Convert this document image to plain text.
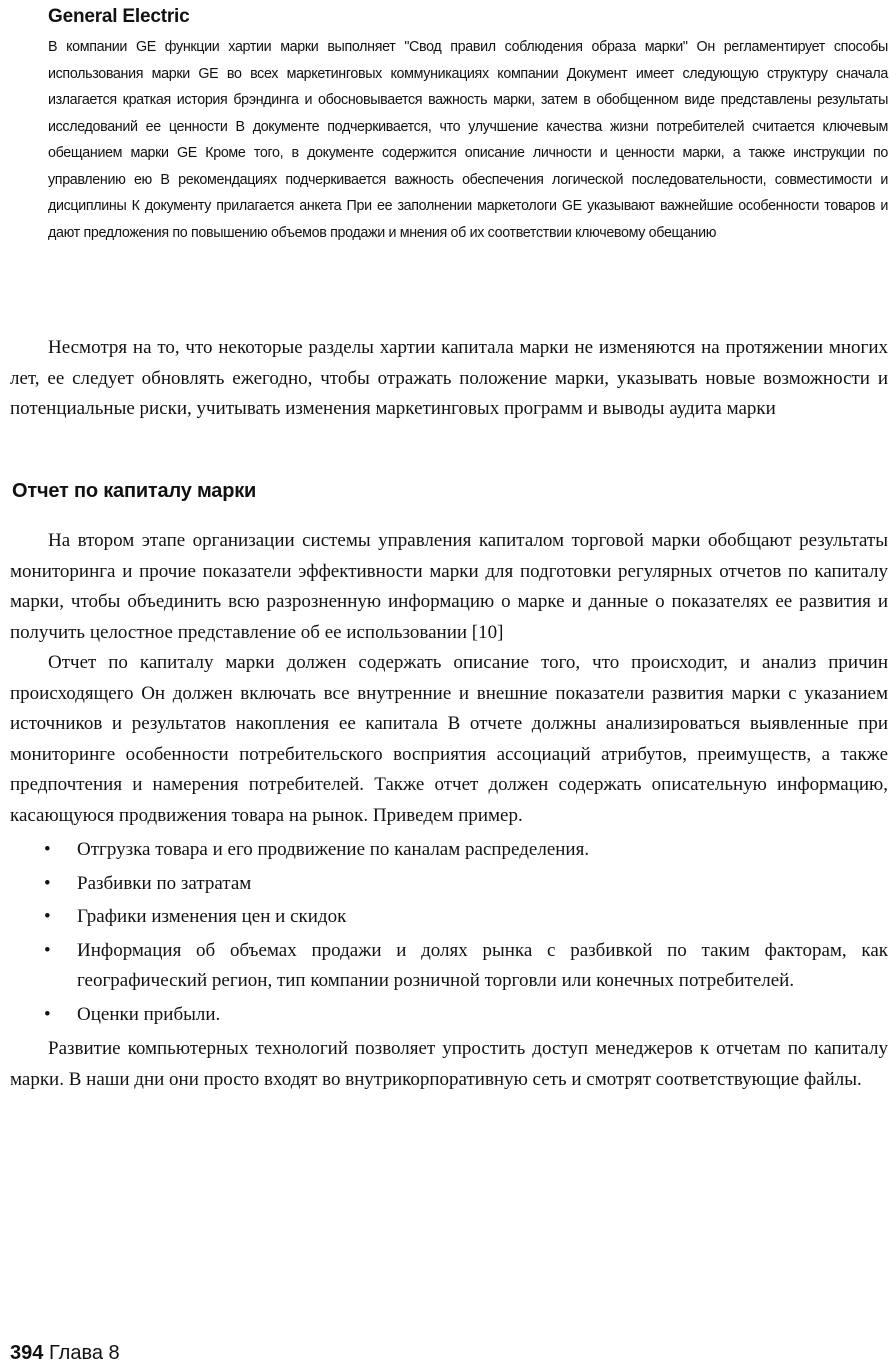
General Electric

В компании GE функции хартии марки выполняет "Свод правил соблюдения образа марки" Он регламентирует способы использования марки GE во всех маркетинговых коммуникациях компании Документ имеет следующую структуру сначала излагается краткая история брэндинга и обосновывается важность марки, затем в обобщенном виде представлены результаты исследований ее ценности В документе подчеркивается, что улучшение качества жизни потребителей считается ключевым обещанием марки GE Кроме того, в документе содержится описание личности и ценности марки, а также инструкции по управлению ею В рекомендациях подчеркивается важность обеспечения логической последовательности, совместимости и дисциплины К документу прилагается анкета При ее заполнении маркетологи GE указывают важнейшие особенности товаров и дают предложения по повышению объемов продажи и мнения об их соответствии ключевому обещанию

Несмотря на то, что некоторые разделы хартии капитала марки не изменяются на протяжении многих лет, ее следует обновлять ежегодно, чтобы отражать положение марки, указывать новые возможности и потенциальные риски, учитывать изменения маркетинговых программ и выводы аудита марки

Отчет по капиталу марки

На втором этапе организации системы управления капиталом торговой марки обобщают результаты мониторинга и прочие показатели эффективности марки для подготовки регулярных отчетов по капиталу марки, чтобы объединить всю разрозненную информацию о марке и данные о показателях ее развития и получить целостное представление об ее использовании [10]

Отчет по капиталу марки должен содержать описание того, что происходит, и анализ причин происходящего Он должен включать все внутренние и внешние показатели развития марки с указанием источников и результатов накопления ее капитала В отчете должны анализироваться выявленные при мониторинге особенности потребительского восприятия ассоциаций атрибутов, преимуществ, а также предпочтения и намерения потребителей. Также отчет должен содержать описательную информацию, касающуюся продвижения товара на рынок. Приведем пример.

• Отгрузка товара и его продвижение по каналам распределения.
• Разбивки по затратам
• Графики изменения цен и скидок
• Информация об объемах продажи и долях рынка с разбивкой по таким факторам, как географический регион, тип компании розничной торговли или конечных потребителей.
• Оценки прибыли.

Развитие компьютерных технологий позволяет упростить доступ менеджеров к отчетам по капиталу марки. В наши дни они просто входят во внутрикорпоративную сеть и смотрят соответствующие файлы.

394 Глава 8
